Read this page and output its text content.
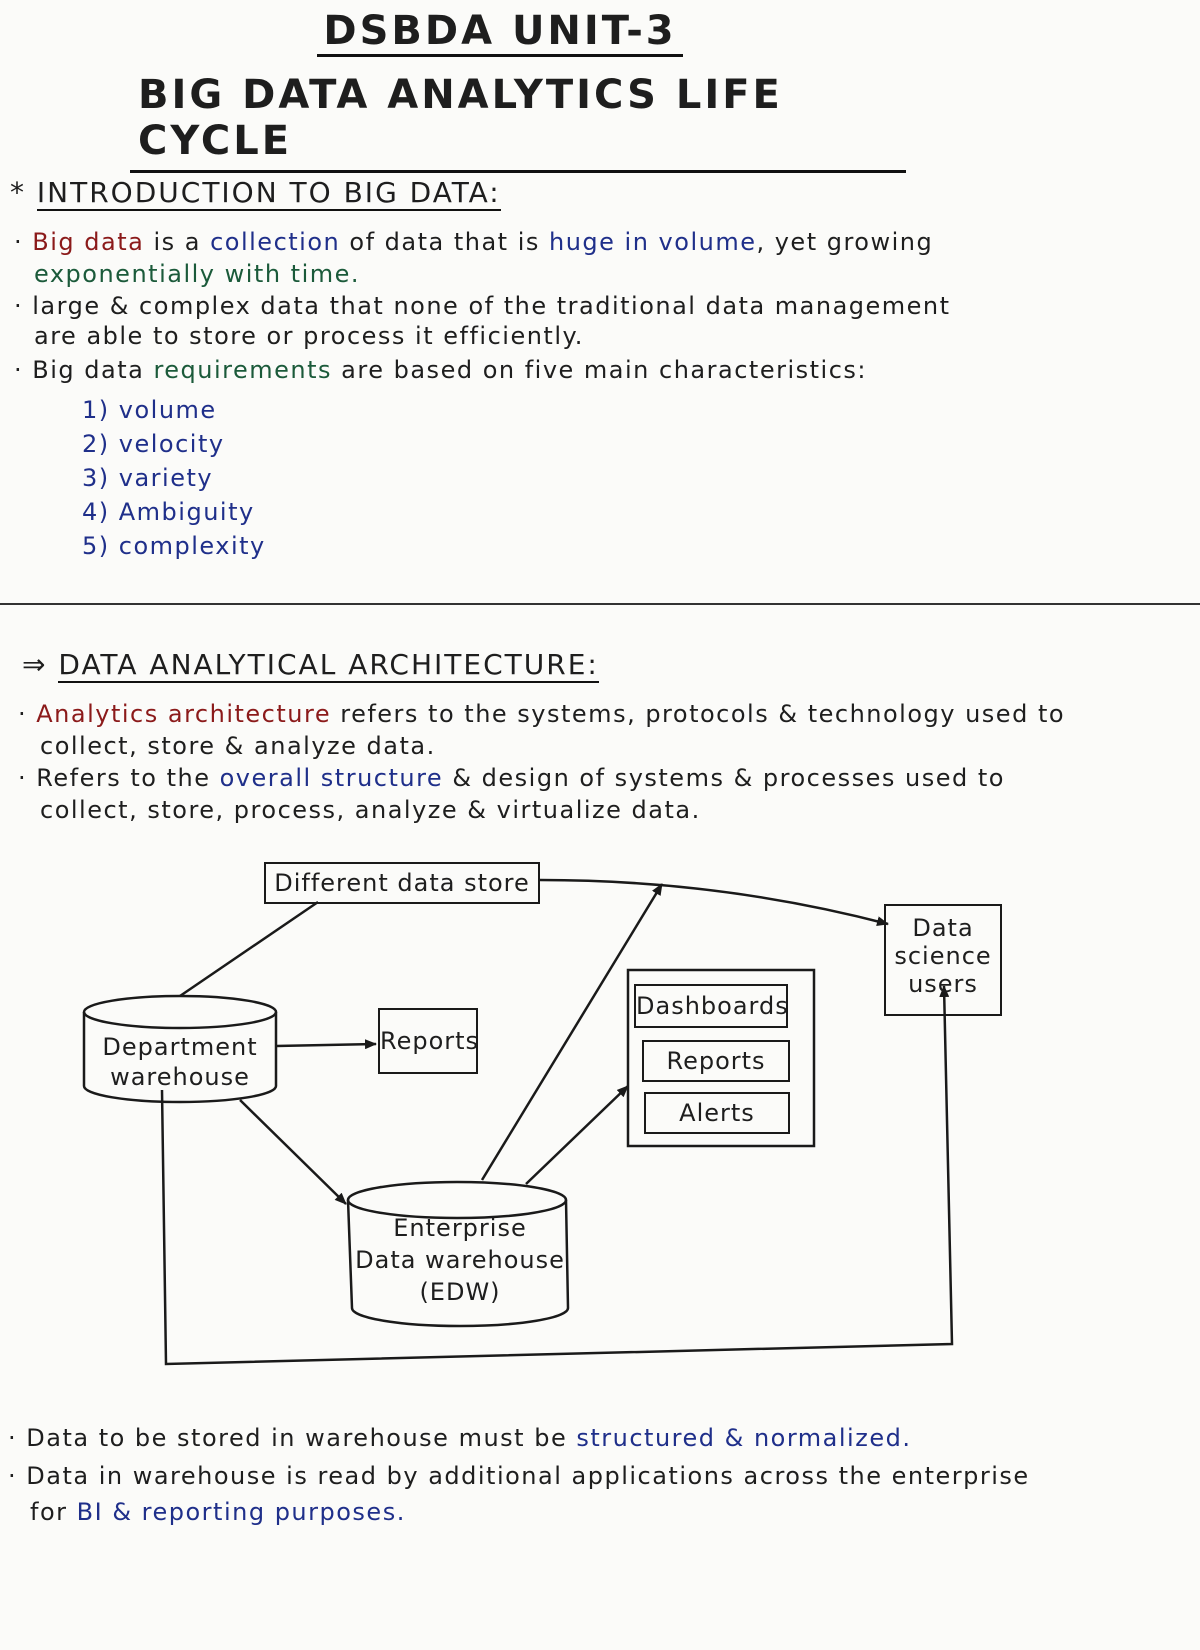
DSBDA UNIT-3
BIG DATA ANALYTICS LIFE CYCLE
* INTRODUCTION TO BIG DATA:
· Big data is a collection of data that is huge in volume, yet growing
exponentially with time.
· large & complex data that none of the traditional data management
are able to store or process it efficiently.
· Big data requirements are based on five main characteristics:
1) volume
2) velocity
3) variety
4) Ambiguity
5) complexity
⇒ DATA ANALYTICAL ARCHITECTURE:
· Analytics architecture refers to the systems, protocols & technology used to
collect, store & analyze data.
· Refers to the overall structure & design of systems & processes used to
collect, store, process, analyze & virtualize data.
Different data store
Department
warehouse
Reports
Dashboards
Reports
Alerts
Enterprise
Data warehouse
(EDW)
Data
science
users
· Data to be stored in warehouse must be structured & normalized.
· Data in warehouse is read by additional applications across the enterprise
for BI & reporting purposes.
